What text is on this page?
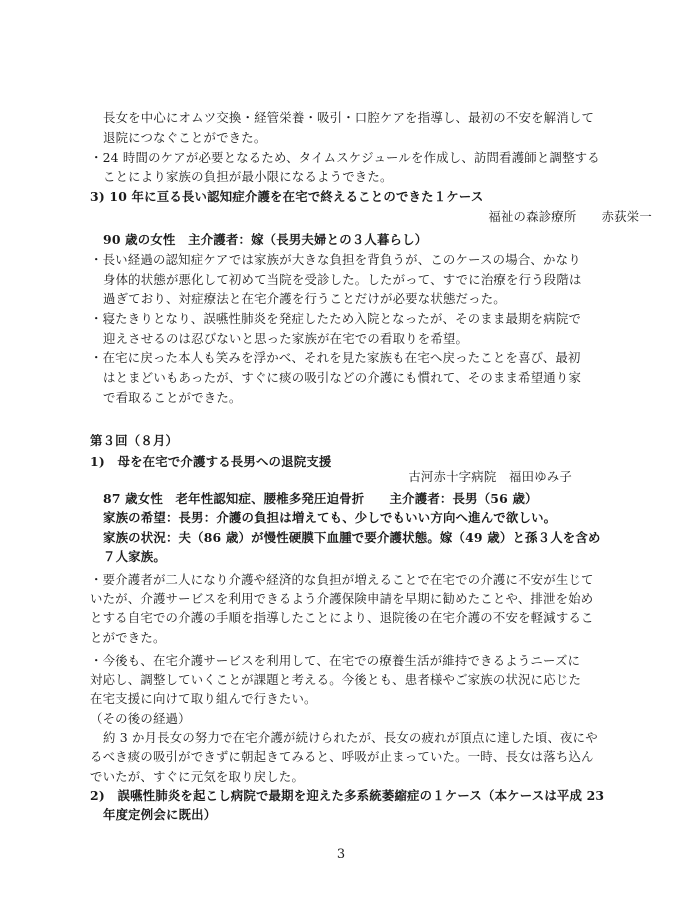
長女を中心にオムツ交換・経管栄養・吸引・口腔ケアを指導し、最初の不安を解消して
退院につなぐことができた。
・24 時間のケアが必要となるため、タイムスケジュールを作成し、訪問看護師と調整する
ことにより家族の負担が最小限になるようできた。
3) 10 年に亘る長い認知症介護を在宅で終えることのできた１ケース
福祉の森診療所　　赤荻栄一
90 歳の女性　主介護者：嫁（長男夫婦との３人暮らし）
・長い経過の認知症ケアでは家族が大きな負担を背負うが、このケースの場合、かなり
身体的状態が悪化して初めて当院を受診した。したがって、すでに治療を行う段階は
過ぎており、対症療法と在宅介護を行うことだけが必要な状態だった。
・寝たきりとなり、誤嚥性肺炎を発症したため入院となったが、そのまま最期を病院で
迎えさせるのは忍びないと思った家族が在宅での看取りを希望。
・在宅に戻った本人も笑みを浮かべ、それを見た家族も在宅へ戻ったことを喜び、最初
はとまどいもあったが、すぐに痰の吸引などの介護にも慣れて、そのまま希望通り家
で看取ることができた。
第３回（８月）
1)　母を在宅で介護する長男への退院支援
古河赤十字病院　福田ゆみ子
87 歳女性　老年性認知症、腰椎多発圧迫骨折　　主介護者：長男（56 歳）
家族の希望：長男：介護の負担は増えても、少しでもいい方向へ進んで欲しい。
家族の状況：夫（86 歳）が慢性硬膜下血腫で要介護状態。嫁（49 歳）と孫３人を含め
７人家族。
・要介護者が二人になり介護や経済的な負担が増えることで在宅での介護に不安が生じて
いたが、介護サービスを利用できるよう介護保険申請を早期に勧めたことや、排泄を始め
とする自宅での介護の手順を指導したことにより、退院後の在宅介護の不安を軽減するこ
とができた。
・今後も、在宅介護サービスを利用して、在宅での療養生活が維持できるようニーズに
対応し、調整していくことが課題と考える。今後とも、患者様やご家族の状況に応じた
在宅支援に向けて取り組んで行きたい。
（その後の経過）
約 3 か月長女の努力で在宅介護が続けられたが、長女の疲れが頂点に達した頃、夜にや
るべき痰の吸引ができずに朝起きてみると、呼吸が止まっていた。一時、長女は落ち込ん
でいたが、すぐに元気を取り戻した。
2)　誤嚥性肺炎を起こし病院で最期を迎えた多系統萎縮症の１ケース（本ケースは平成 23
年度定例会に既出）
3
